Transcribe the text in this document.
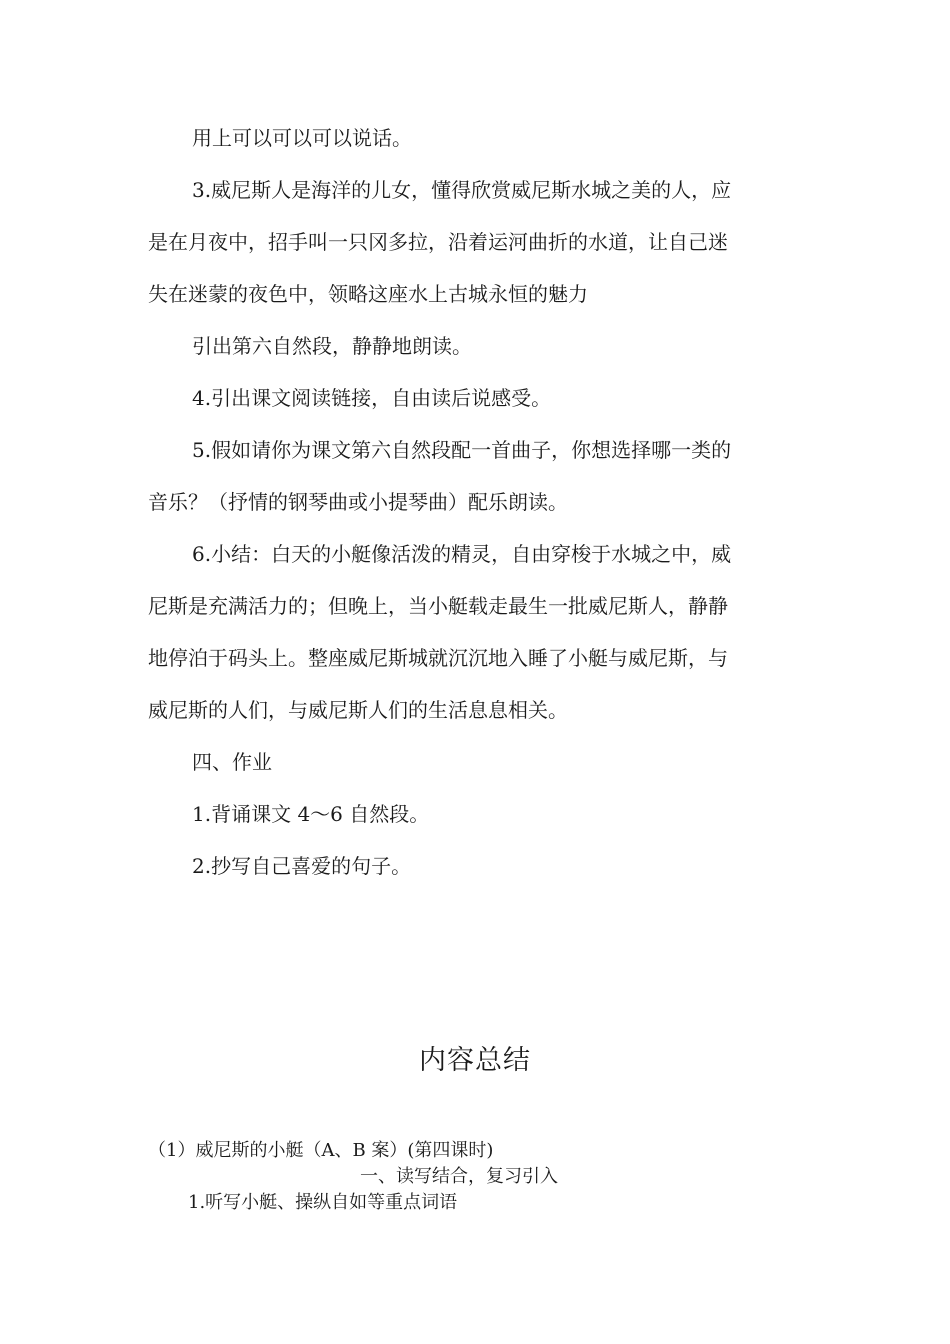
用上可以可以可以说话。
3.威尼斯人是海洋的儿女，懂得欣赏威尼斯水城之美的人，应
是在月夜中，招手叫一只冈多拉，沿着运河曲折的水道，让自己迷
失在迷蒙的夜色中，领略这座水上古城永恒的魅力
引出第六自然段，静静地朗读。
4.引出课文阅读链接，自由读后说感受。
5.假如请你为课文第六自然段配一首曲子，你想选择哪一类的
音乐？（抒情的钢琴曲或小提琴曲）配乐朗读。
6.小结：白天的小艇像活泼的精灵，自由穿梭于水城之中，威
尼斯是充满活力的；但晚上，当小艇载走最生一批威尼斯人，静静
地停泊于码头上。整座威尼斯城就沉沉地入睡了小艇与威尼斯，与
威尼斯的人们，与威尼斯人们的生活息息相关。
四、作业
1.背诵课文 4～6 自然段。
2.抄写自己喜爱的句子。
内容总结
（1）威尼斯的小艇（A、B 案）(第四课时)
一、读写结合，复习引入
1.听写小艇、操纵自如等重点词语
